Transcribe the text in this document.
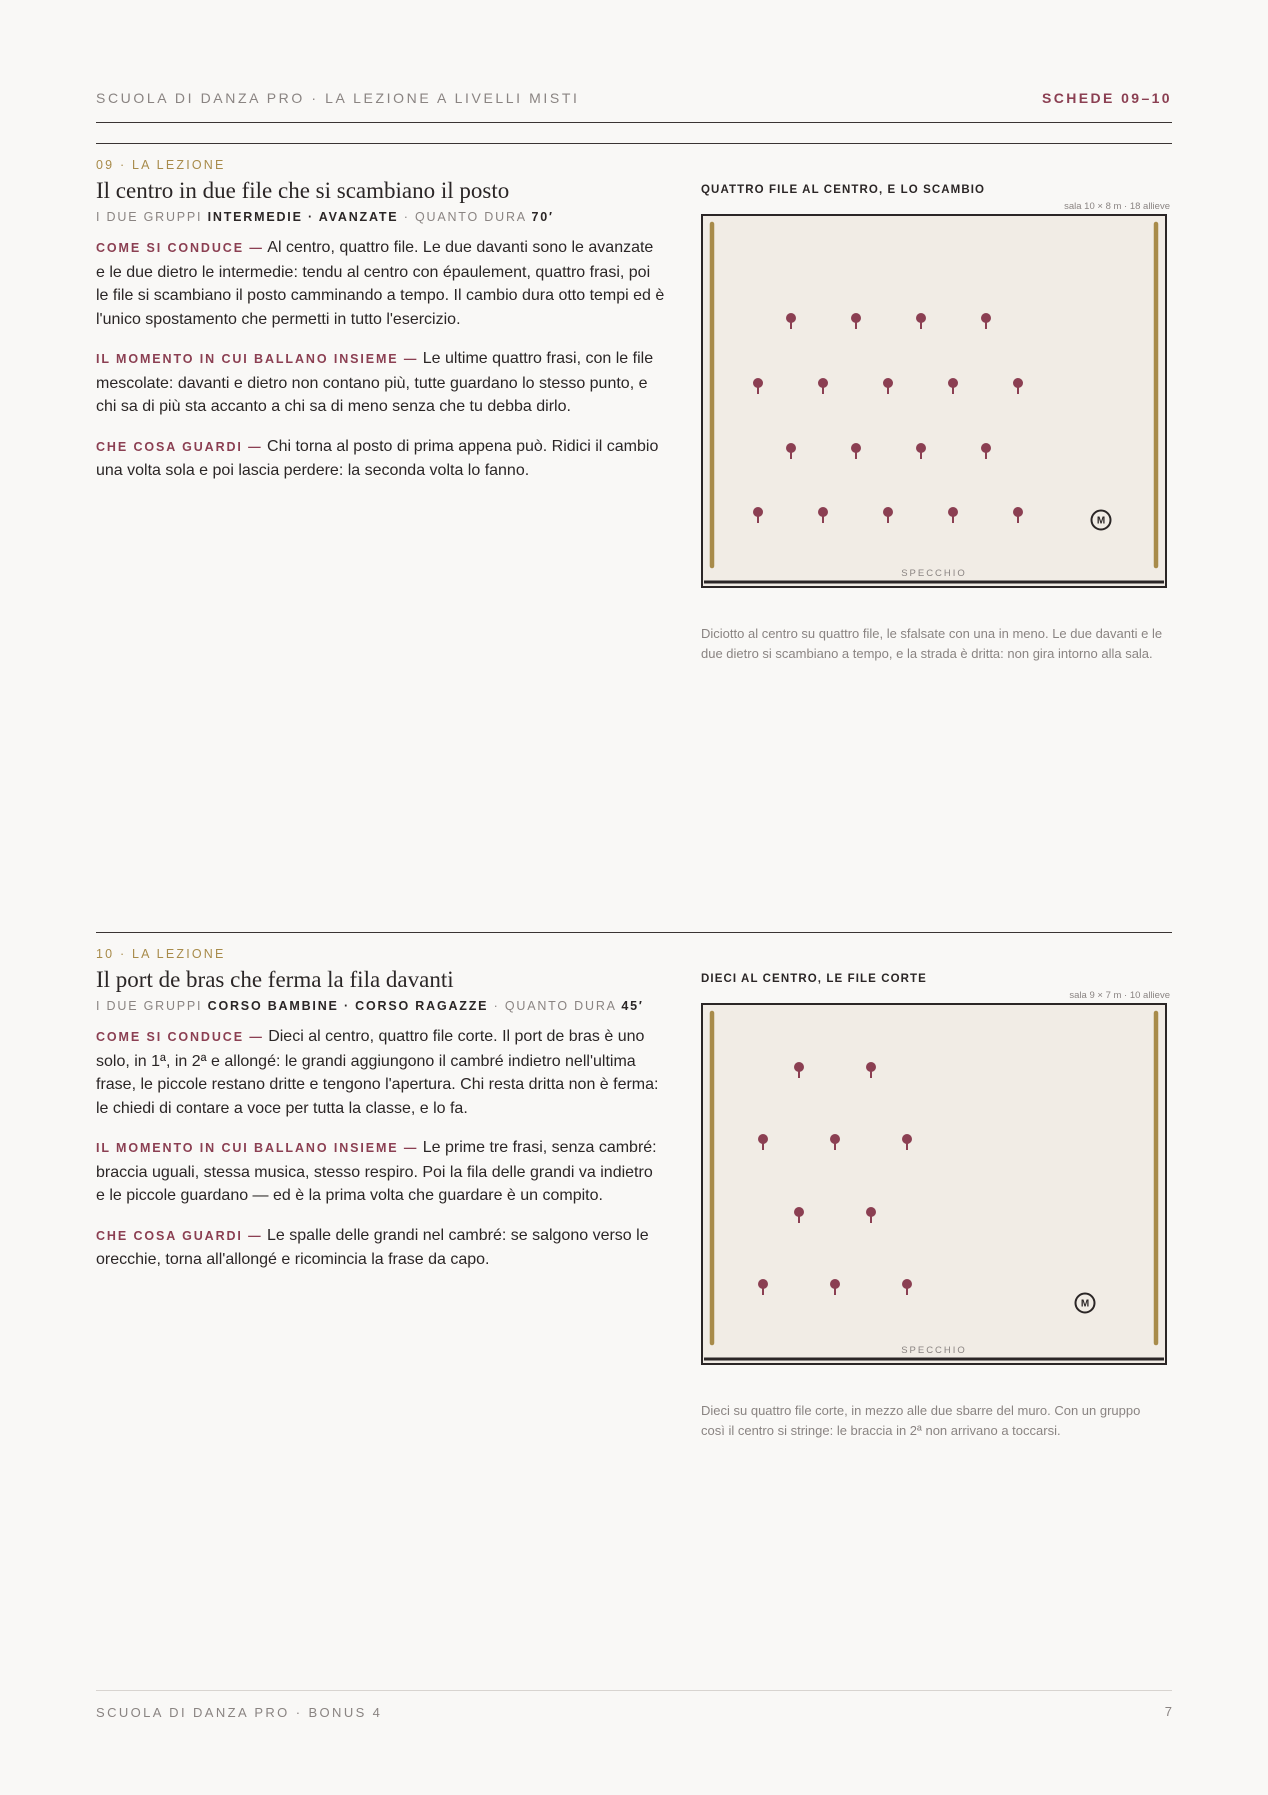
SCUOLA DI DANZA PRO · LA LEZIONE A LIVELLI MISTI	SCHEDE 09–10
09 · LA LEZIONE
Il centro in due file che si scambiano il posto
I DUE GRUPPI INTERMEDIE · AVANZATE · QUANTO DURA 70′

COME SI CONDUCE — Al centro, quattro file. Le due davanti sono le avanzate e le due dietro le intermedie: tendu al centro con épaulement, quattro frasi, poi le file si scambiano il posto camminando a tempo. Il cambio dura otto tempi ed è l'unico spostamento che permetti in tutto l'esercizio.

IL MOMENTO IN CUI BALLANO INSIEME — Le ultime quattro frasi, con le file mescolate: davanti e dietro non contano più, tutte guardano lo stesso punto, e chi sa di più sta accanto a chi sa di meno senza che tu debba dirlo.

CHE COSA GUARDI — Chi torna al posto di prima appena può. Ridici il cambio una volta sola e poi lascia perdere: la seconda volta lo fanno.

QUATTRO FILE AL CENTRO, E LO SCAMBIO
sala 10 × 8 m · 18 allieve
SPECCHIO
M
Diciotto al centro su quattro file, le sfalsate con una in meno. Le due davanti e le due dietro si scambiano a tempo, e la strada è dritta: non gira intorno alla sala.
10 · LA LEZIONE
Il port de bras che ferma la fila davanti
I DUE GRUPPI CORSO BAMBINE · CORSO RAGAZZE · QUANTO DURA 45′

COME SI CONDUCE — Dieci al centro, quattro file corte. Il port de bras è uno solo, in 1ª, in 2ª e allongé: le grandi aggiungono il cambré indietro nell'ultima frase, le piccole restano dritte e tengono l'apertura. Chi resta dritta non è ferma: le chiedi di contare a voce per tutta la classe, e lo fa.

IL MOMENTO IN CUI BALLANO INSIEME — Le prime tre frasi, senza cambré: braccia uguali, stessa musica, stesso respiro. Poi la fila delle grandi va indietro e le piccole guardano — ed è la prima volta che guardare è un compito.

CHE COSA GUARDI — Le spalle delle grandi nel cambré: se salgono verso le orecchie, torna all'allongé e ricomincia la frase da capo.

DIECI AL CENTRO, LE FILE CORTE
sala 9 × 7 m · 10 allieve
SPECCHIO
M
Dieci su quattro file corte, in mezzo alle due sbarre del muro. Con un gruppo così il centro si stringe: le braccia in 2ª non arrivano a toccarsi.
SCUOLA DI DANZA PRO · BONUS 4	7
